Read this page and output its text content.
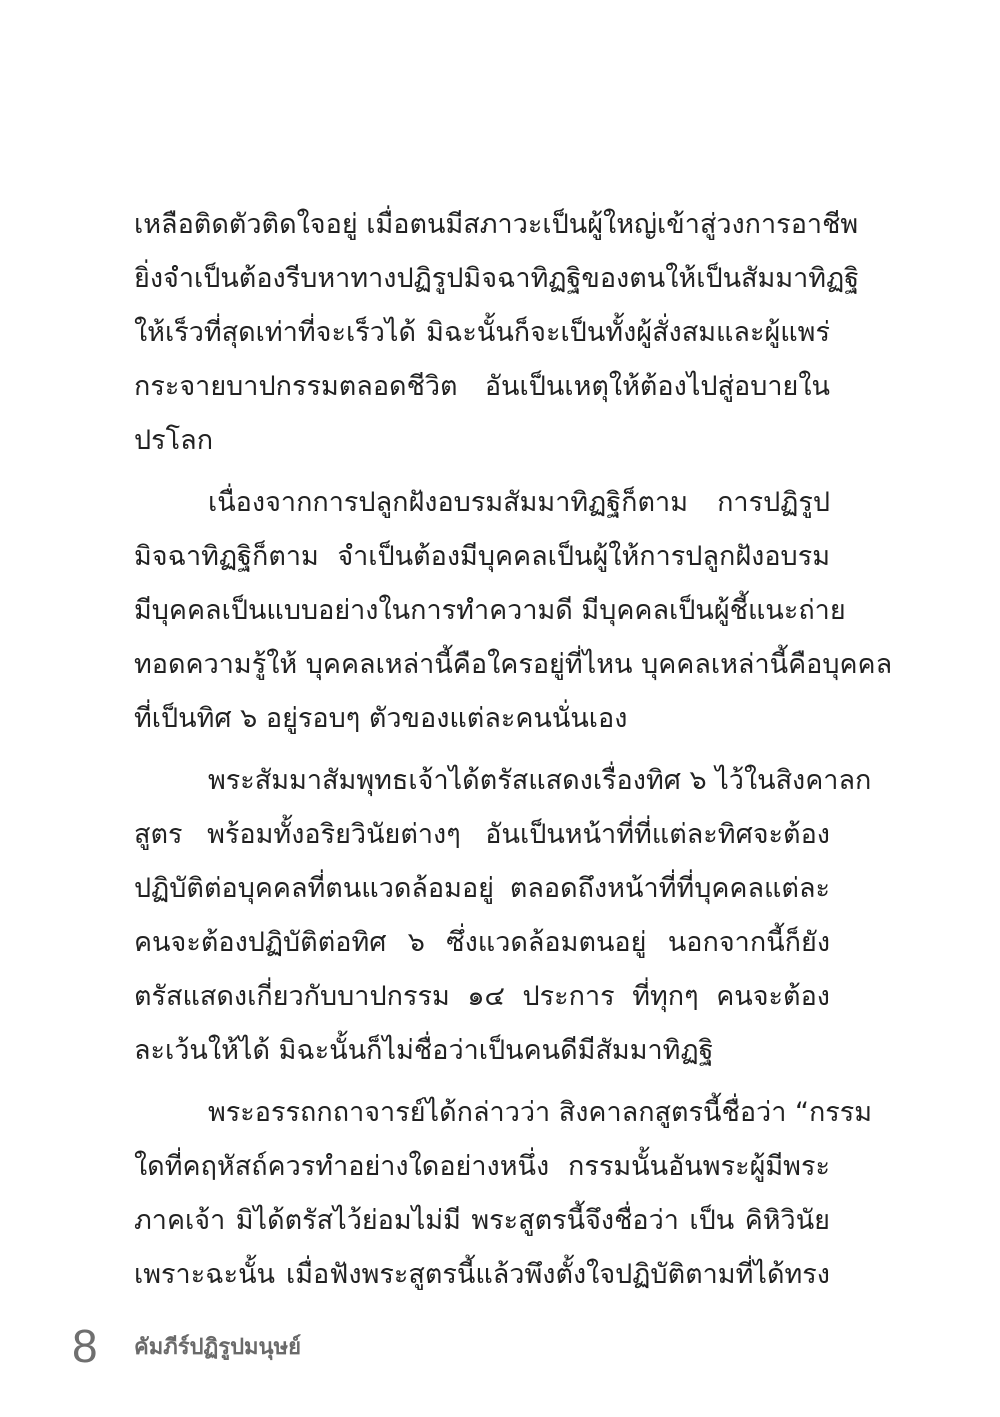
เหลือติดตัวติดใจอยู่ เมื่อตนมีสภาวะเป็นผู้ใหญ่เข้าสู่วงการอาชีพ
ยิ่งจำเป็นต้องรีบหาทางปฏิรูปมิจฉาทิฏฐิของตนให้เป็นสัมมาทิฏฐิ
ให้เร็วที่สุดเท่าที่จะเร็วได้ มิฉะนั้นก็จะเป็นทั้งผู้สั่งสมและผู้แพร่
กระจายบาปกรรมตลอดชีวิต อันเป็นเหตุให้ต้องไปสู่อบายใน
ปรโลก
เนื่องจากการปลูกฝังอบรมสัมมาทิฏฐิก็ตาม การปฏิรูป
มิจฉาทิฏฐิก็ตาม จำเป็นต้องมีบุคคลเป็นผู้ให้การปลูกฝังอบรม
มีบุคคลเป็นแบบอย่างในการทำความดี มีบุคคลเป็นผู้ชี้แนะถ่าย
ทอดความรู้ให้ บุคคลเหล่านี้คือใครอยู่ที่ไหน บุคคลเหล่านี้คือบุคคล
ที่เป็นทิศ ๖ อยู่รอบๆ ตัวของแต่ละคนนั่นเอง
พระสัมมาสัมพุทธเจ้าได้ตรัสแสดงเรื่องทิศ ๖ ไว้ในสิงคาลก
สูตร พร้อมทั้งอริยวินัยต่างๆ อันเป็นหน้าที่ที่แต่ละทิศจะต้อง
ปฏิบัติต่อบุคคลที่ตนแวดล้อมอยู่ ตลอดถึงหน้าที่ที่บุคคลแต่ละ
คนจะต้องปฏิบัติต่อทิศ ๖ ซึ่งแวดล้อมตนอยู่ นอกจากนี้ก็ยัง
ตรัสแสดงเกี่ยวกับบาปกรรม ๑๔ ประการ ที่ทุกๆ คนจะต้อง
ละเว้นให้ได้ มิฉะนั้นก็ไม่ชื่อว่าเป็นคนดีมีสัมมาทิฏฐิ
พระอรรถกถาจารย์ได้กล่าวว่า สิงคาลกสูตรนี้ชื่อว่า “กรรม
ใดที่คฤหัสถ์ควรทำอย่างใดอย่างหนึ่ง กรรมนั้นอันพระผู้มีพระ
ภาคเจ้า มิได้ตรัสไว้ย่อมไม่มี พระสูตรนี้จึงชื่อว่า เป็น คิหิวินัย
เพราะฉะนั้น เมื่อฟังพระสูตรนี้แล้วพึงตั้งใจปฏิบัติตามที่ได้ทรง
8	คัมภีร์ปฏิรูปมนุษย์
